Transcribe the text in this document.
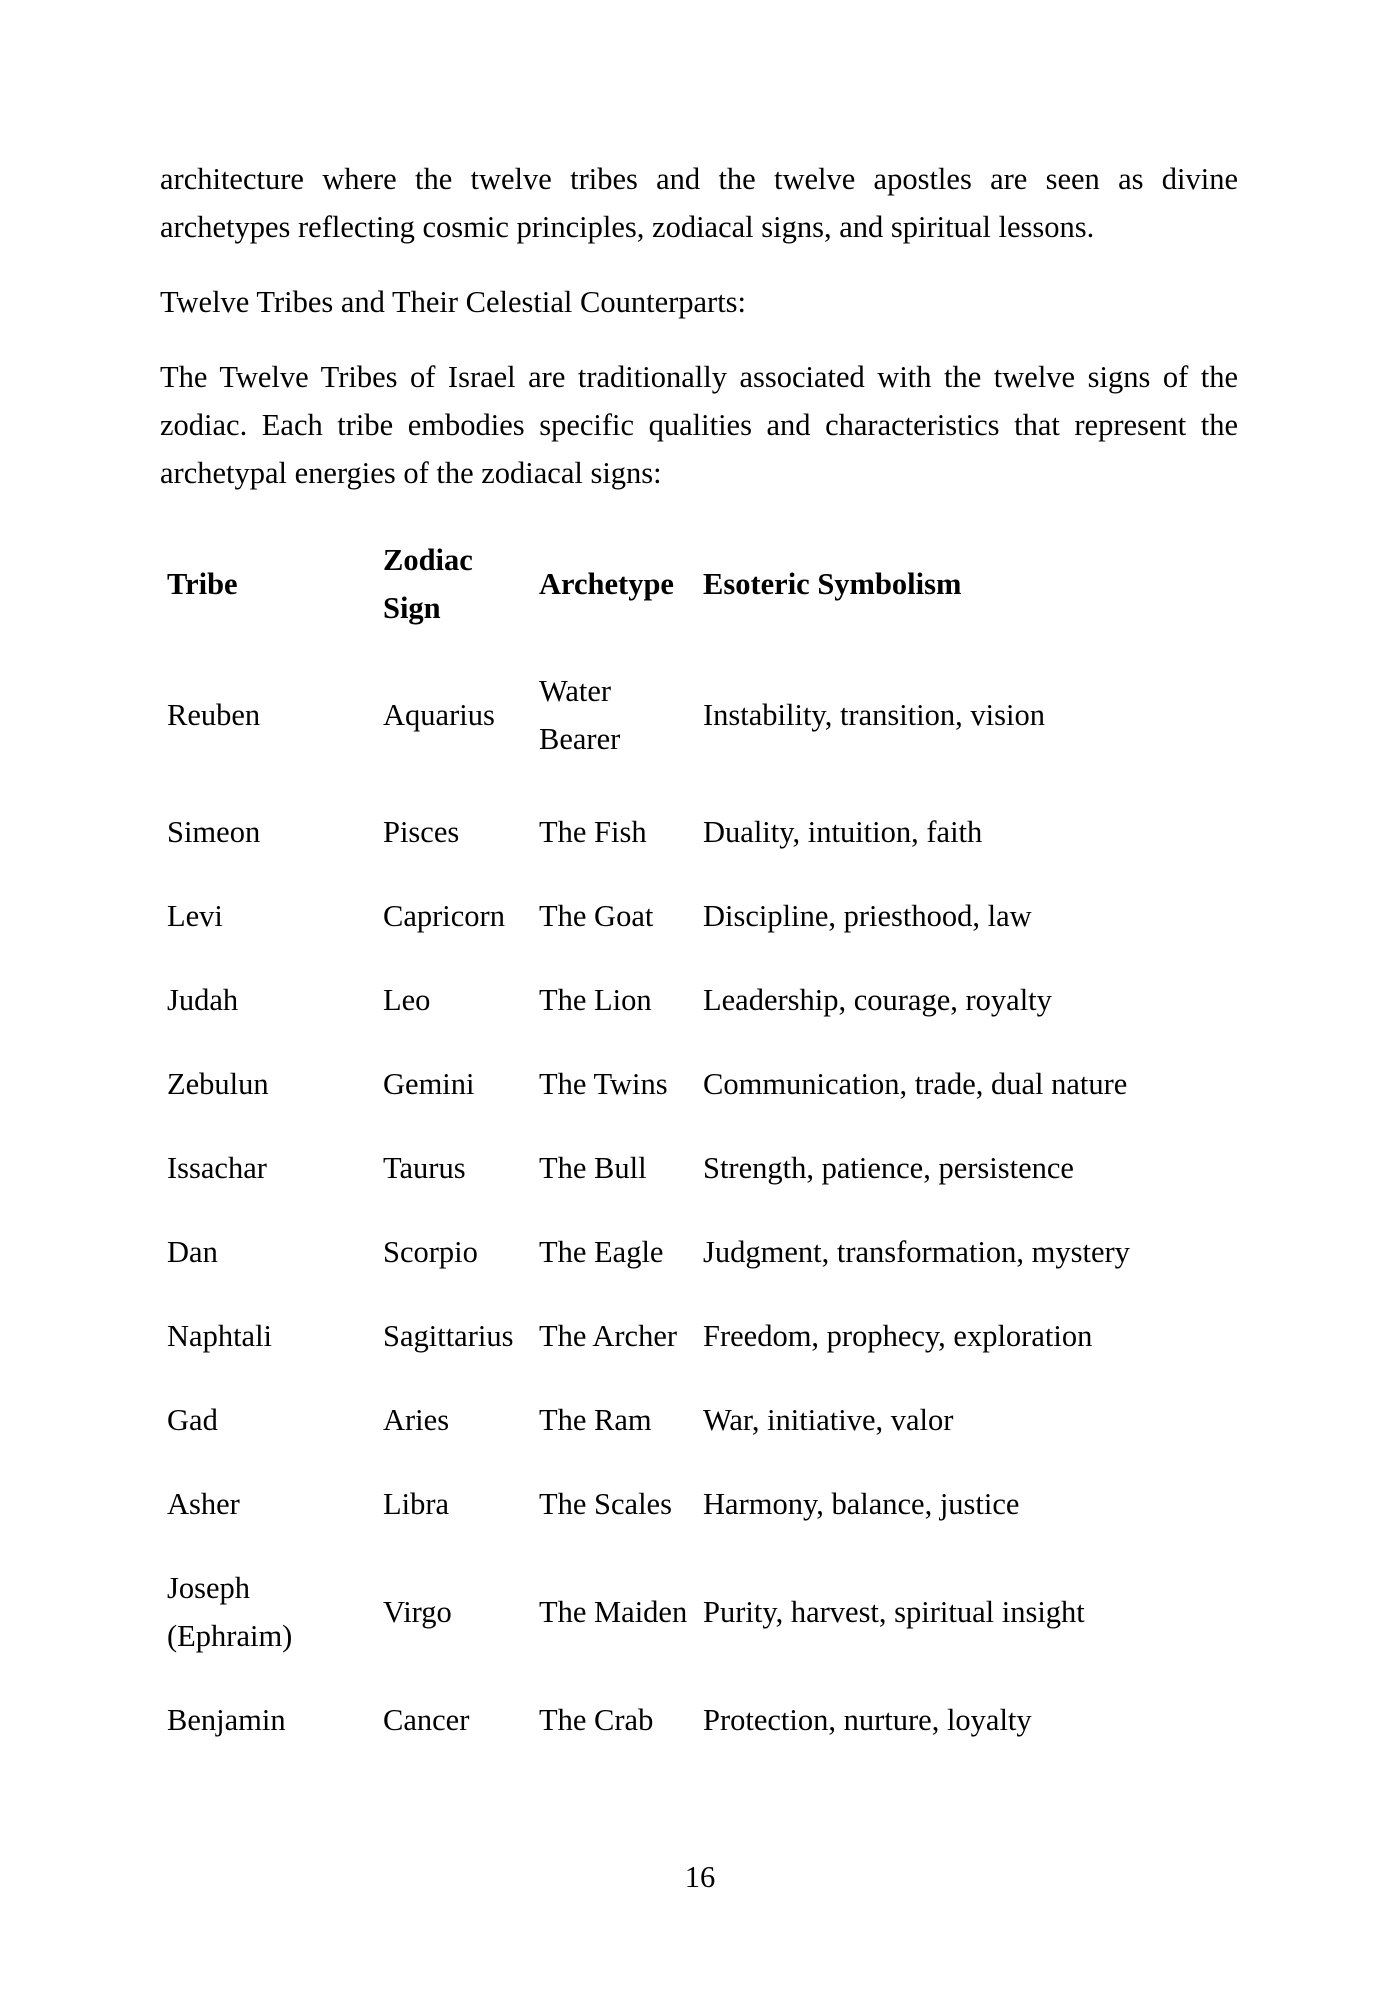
architecture where the twelve tribes and the twelve apostles are seen as divine archetypes reflecting cosmic principles, zodiacal signs, and spiritual lessons.

Twelve Tribes and Their Celestial Counterparts:

The Twelve Tribes of Israel are traditionally associated with the twelve signs of the zodiac. Each tribe embodies specific qualities and characteristics that represent the archetypal energies of the zodiacal signs:

Tribe	Zodiac Sign	Archetype	Esoteric Symbolism
Reuben	Aquarius	Water Bearer	Instability, transition, vision
Simeon	Pisces	The Fish	Duality, intuition, faith
Levi	Capricorn	The Goat	Discipline, priesthood, law
Judah	Leo	The Lion	Leadership, courage, royalty
Zebulun	Gemini	The Twins	Communication, trade, dual nature
Issachar	Taurus	The Bull	Strength, patience, persistence
Dan	Scorpio	The Eagle	Judgment, transformation, mystery
Naphtali	Sagittarius	The Archer	Freedom, prophecy, exploration
Gad	Aries	The Ram	War, initiative, valor
Asher	Libra	The Scales	Harmony, balance, justice
Joseph (Ephraim)	Virgo	The Maiden	Purity, harvest, spiritual insight
Benjamin	Cancer	The Crab	Protection, nurture, loyalty
16
